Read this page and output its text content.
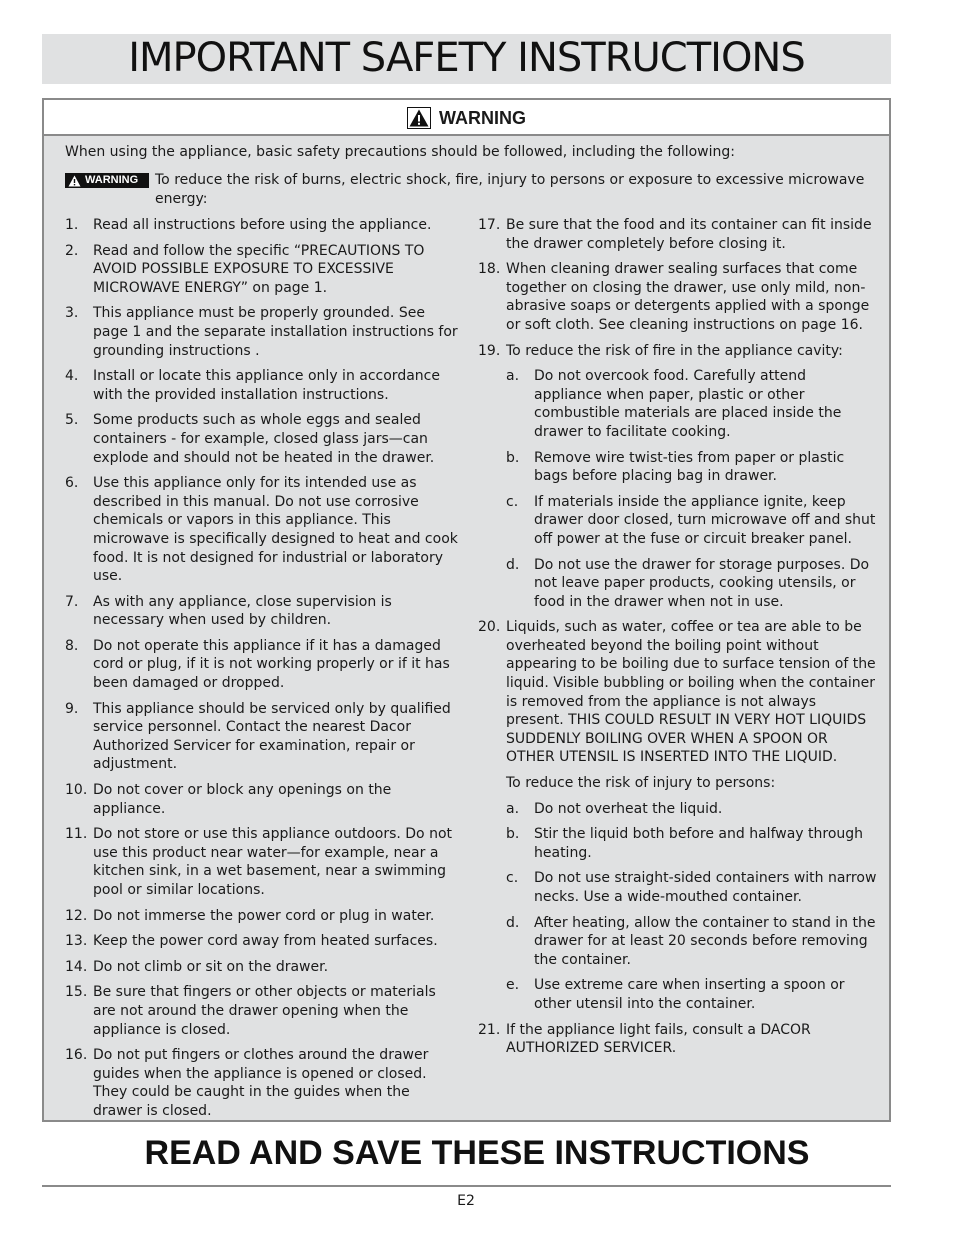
IMPORTANT SAFETY INSTRUCTIONS
WARNING
When using the appliance, basic safety precautions should be followed, including the following:
WARNING To reduce the risk of burns, electric shock, fire, injury to persons or exposure to excessive microwave energy:
1.	Read all instructions before using the appliance.
2.	Read and follow the specific “PRECAUTIONS TO AVOID POSSIBLE EXPOSURE TO EXCESSIVE MICROWAVE ENERGY” on page 1.
3.	This appliance must be properly grounded. See page 1 and the separate installation instructions for grounding instructions .
4.	Install or locate this appliance only in accordance with the provided installation instructions.
5.	Some products such as whole eggs and sealed containers - for example, closed glass jars—can explode and should not be heated in the drawer.
6.	Use this appliance only for its intended use as described in this manual. Do not use corrosive chemicals or vapors in this appliance. This microwave is specifically designed to heat and cook food. It is not designed for industrial or laboratory use.
7.	As with any appliance, close supervision is necessary when used by children.
8.	Do not operate this appliance if it has a damaged cord or plug, if it is not working properly or if it has been damaged or dropped.
9.	This appliance should be serviced only by qualified service personnel. Contact the nearest Dacor Authorized Servicer for examination, repair or adjustment.
10. Do not cover or block any openings on the appliance.
11. Do not store or use this appliance outdoors. Do not use this product near water—for example, near a kitchen sink, in a wet basement, near a swimming pool or similar locations.
12. Do not immerse the power cord or plug in water.
13. Keep the power cord away from heated surfaces.
14. Do not climb or sit on the drawer.
15. Be sure that fingers or other objects or materials are not around the drawer opening when the appliance is closed.
16. Do not put fingers or clothes around the drawer guides when the appliance is opened or closed. They could be caught in the guides when the drawer is closed.
17. Be sure that the food and its container can fit inside the drawer completely before closing it.
18. When cleaning drawer sealing surfaces that come together on closing the drawer, use only mild, non-abrasive soaps or detergents applied with a sponge or soft cloth. See cleaning instructions on page 16.
19. To reduce the risk of fire in the appliance cavity:
a.	Do not overcook food. Carefully attend appliance when paper, plastic or other combustible materials are placed inside the drawer to facilitate cooking.
b.	Remove wire twist-ties from paper or plastic bags before placing bag in drawer.
c.	If materials inside the appliance ignite, keep drawer door closed, turn microwave off and shut off power at the fuse or circuit breaker panel.
d.	Do not use the drawer for storage purposes. Do not leave paper products, cooking utensils, or food in the drawer when not in use.
20. Liquids, such as water, coffee or tea are able to be overheated beyond the boiling point without appearing to be boiling due to surface tension of the liquid. Visible bubbling or boiling when the container is removed from the appliance is not always present. THIS COULD RESULT IN VERY HOT LIQUIDS SUDDENLY BOILING OVER WHEN A SPOON OR OTHER UTENSIL IS INSERTED INTO THE LIQUID.
To reduce the risk of injury to persons:
a.	Do not overheat the liquid.
b.	Stir the liquid both before and halfway through heating.
c.	Do not use straight-sided containers with narrow necks. Use a wide-mouthed container.
d.	After heating, allow the container to stand in the drawer for at least 20 seconds before removing the container.
e.	Use extreme care when inserting a spoon or other utensil into the container.
21. If the appliance light fails, consult a DACOR AUTHORIZED SERVICER.
READ AND SAVE THESE INSTRUCTIONS
E2
